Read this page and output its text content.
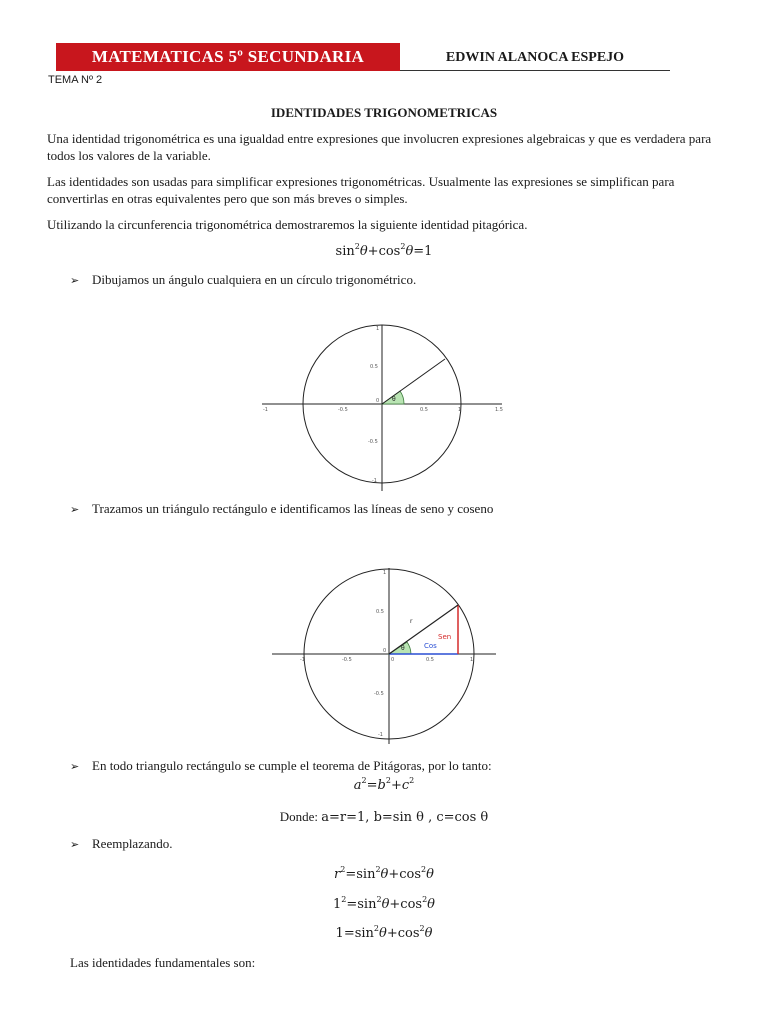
MATEMATICAS 5º SECUNDARIA	EDWIN ALANOCA ESPEJO
TEMA Nº 2
IDENTIDADES TRIGONOMETRICAS
Una identidad trigonométrica es una igualdad entre expresiones que involucren expresiones algebraicas y que es verdadera para todos los valores de la variable.
Las identidades son usadas para simplificar expresiones trigonométricas. Usualmente las expresiones se simplifican para convertirlas en otras equivalentes pero que son más breves o simples.
Utilizando la circunferencia trigonométrica demostraremos la siguiente identidad pitagórica.
$\sin^2\theta+\cos^2\theta=1$
➢ Dibujamos un ángulo cualquiera en un círculo trigonométrico.
θ
-1	-0.5
0
0.5	1	1.5
1
0.5
-0.5
-1
➢ Trazamos un triángulo rectángulo e identificamos las líneas de seno y coseno
θ
r
Sen
Cos
-1	-0.5	0	0.5	1
0
1
0.5
-0.5
-1
➢ En todo triangulo rectángulo se cumple el teorema de Pitágoras, por lo tanto:
$a^2=b^2+c^2$
Donde: a=r=1, b=sin θ , c=cos θ
➢ Reemplazando.
$r^2=\sin^2\theta+\cos^2\theta$
$1^2=\sin^2\theta+\cos^2\theta$
$1=\sin^2\theta+\cos^2\theta$
Las identidades fundamentales son:
